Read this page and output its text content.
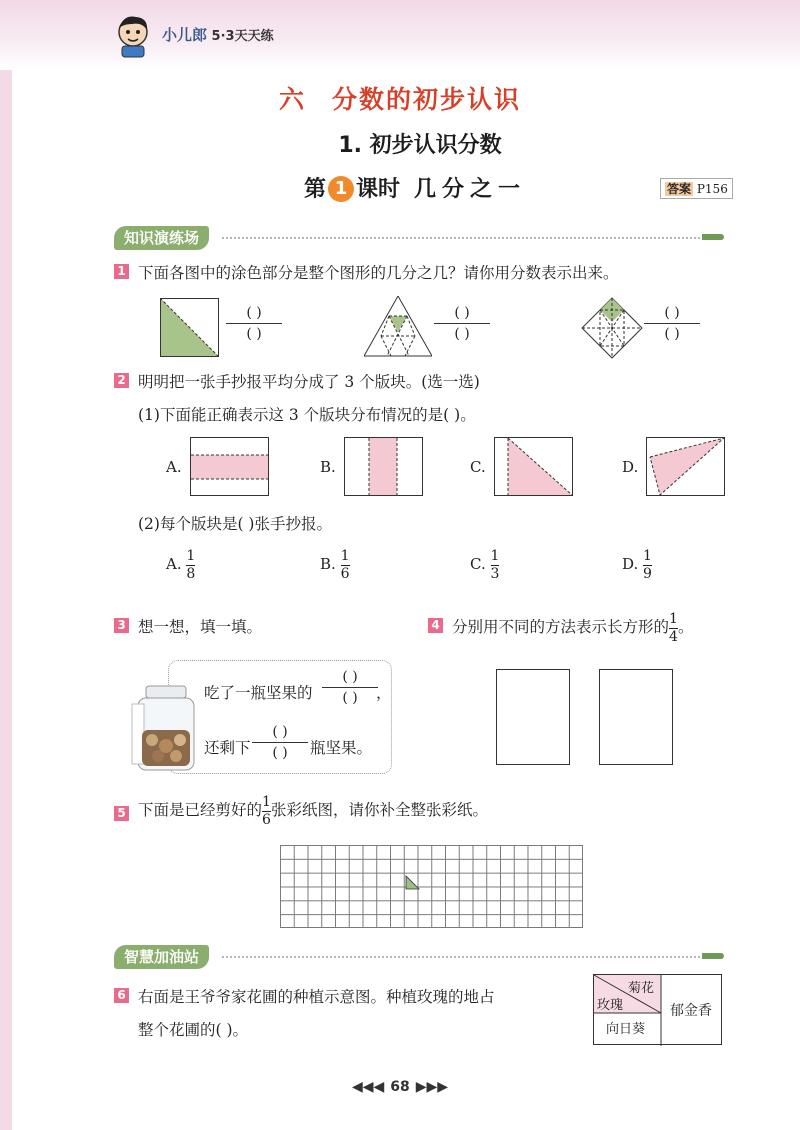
小儿郎 5·3天天练
六 分数的初步认识
1. 初步认识分数
第 1 课时 几分之一	答案 P156
知识演练场
1 下面各图中的涂色部分是整个图形的几分之几？请你用分数表示出来。
( )
( )
( )
( )
( )
( )
2 明明把一张手抄报平均分成了 3 个版块。(选一选)
(1)下面能正确表示这 3 个版块分布情况的是( )。
A.	B.	C.	D.
(2)每个版块是( )张手抄报。
A. $\frac{1}{8}$	B. $\frac{1}{6}$	C. $\frac{1}{3}$	D. $\frac{1}{9}$
3 想一想，填一填。
吃了一瓶坚果的
( )
( )	，
还剩下
( )
( )	瓶坚果。
4 分别用不同的方法表示长方形的$\frac{1}{4}$。
5 下面是已经剪好的$\frac{1}{6}$张彩纸图，请你补全整张彩纸。
智慧加油站
6 右面是王爷爷家花圃的种植示意图。种植玫瑰的地占
整个花圃的( )。
菊花
玫瑰
向日葵
郁金香
◀◀◀ 68 ▶▶▶
